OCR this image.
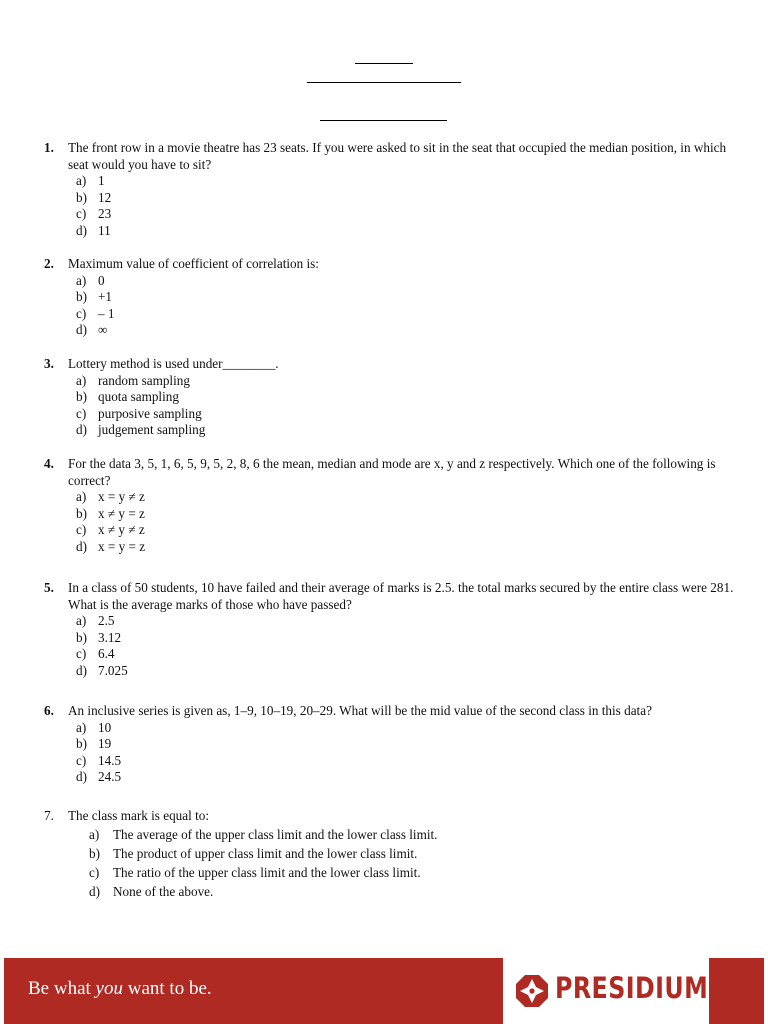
1. The front row in a movie theatre has 23 seats. If you were asked to sit in the seat that occupied the median position, in which seat would you have to sit?
a) 1
b) 12
c) 23
d) 11
2. Maximum value of coefficient of correlation is:
a) 0
b) +1
c) – 1
d) ∞
3. Lottery method is used under________.
a) random sampling
b) quota sampling
c) purposive sampling
d) judgement sampling
4. For the data 3, 5, 1, 6, 5, 9, 5, 2, 8, 6 the mean, median and mode are x, y and z respectively. Which one of the following is correct?
a) x = y ≠ z
b) x ≠ y = z
c) x ≠ y ≠ z
d) x = y = z
5. In a class of 50 students, 10 have failed and their average of marks is 2.5. the total marks secured by the entire class were 281. What is the average marks of those who have passed?
a) 2.5
b) 3.12
c) 6.4
d) 7.025
6. An inclusive series is given as, 1–9, 10–19, 20–29. What will be the mid value of the second class in this data?
a) 10
b) 19
c) 14.5
d) 24.5
7. The class mark is equal to:
a)	The average of the upper class limit and the lower class limit.
b) The product of upper class limit and the lower class limit.
c)	The ratio of the upper class limit and the lower class limit.
d) None of the above.
Be what you want to be.	PRESIDIUM
